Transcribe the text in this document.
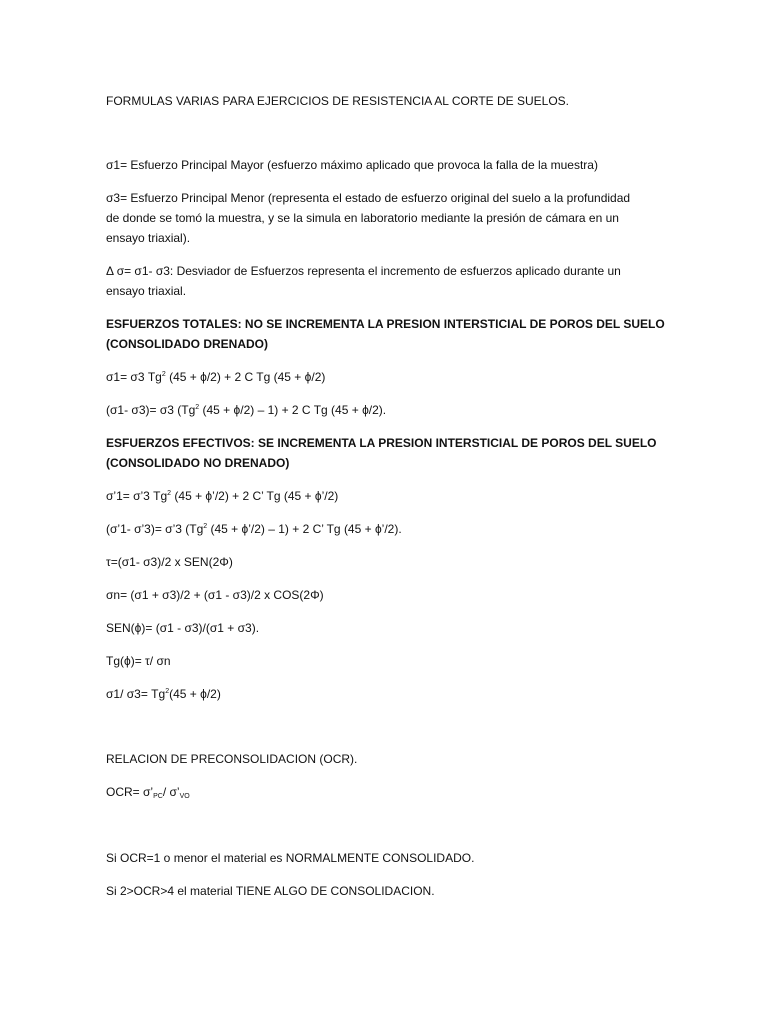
FORMULAS VARIAS PARA EJERCICIOS DE RESISTENCIA AL CORTE DE SUELOS.
σ1= Esfuerzo Principal Mayor (esfuerzo máximo aplicado que provoca la falla de la muestra)
σ3= Esfuerzo Principal Menor (representa el estado de esfuerzo original del suelo a la profundidad
de donde se tomó la muestra, y se la simula en laboratorio mediante la presión de cámara en un
ensayo triaxial).
Δ σ= σ1- σ3: Desviador de Esfuerzos representa el incremento de esfuerzos aplicado durante un
ensayo triaxial.
ESFUERZOS TOTALES: NO SE INCREMENTA LA PRESION INTERSTICIAL DE POROS DEL SUELO
(CONSOLIDADO DRENADO)
σ1= σ3 Tg$^2$ (45 + ϕ/2) + 2 C Tg (45 + ϕ/2)
(σ1- σ3)= σ3 (Tg$^2$ (45 + ϕ/2) – 1) + 2 C Tg (45 + ϕ/2).
ESFUERZOS EFECTIVOS: SE INCREMENTA LA PRESION INTERSTICIAL DE POROS DEL SUELO
(CONSOLIDADO NO DRENADO)
σ’1= σ’3 Tg$^2$ (45 + ϕ’/2) + 2 C’ Tg (45 + ϕ’/2)
(σ’1- σ’3)= σ’3 (Tg$^2$ (45 + ϕ’/2) – 1) + 2 C’ Tg (45 + ϕ’/2).
τ=(σ1- σ3)/2 x SEN(2Φ)
σn= (σ1 + σ3)/2 + (σ1 - σ3)/2 x COS(2Φ)
SEN(ϕ)= (σ1 - σ3)/(σ1 + σ3).
Tg(ϕ)= τ/ σn
σ1/ $\sigma 3= Tg^2(45 + \phi/2)$
RELACION DE PRECONSOLIDACION (OCR).
$OCR= \sigma’_{PC}/$ $\sigma’_{VO}$
Si OCR=1 o menor el material es NORMALMENTE CONSOLIDADO.
Si 2>OCR>4 el material TIENE ALGO DE CONSOLIDACION.
